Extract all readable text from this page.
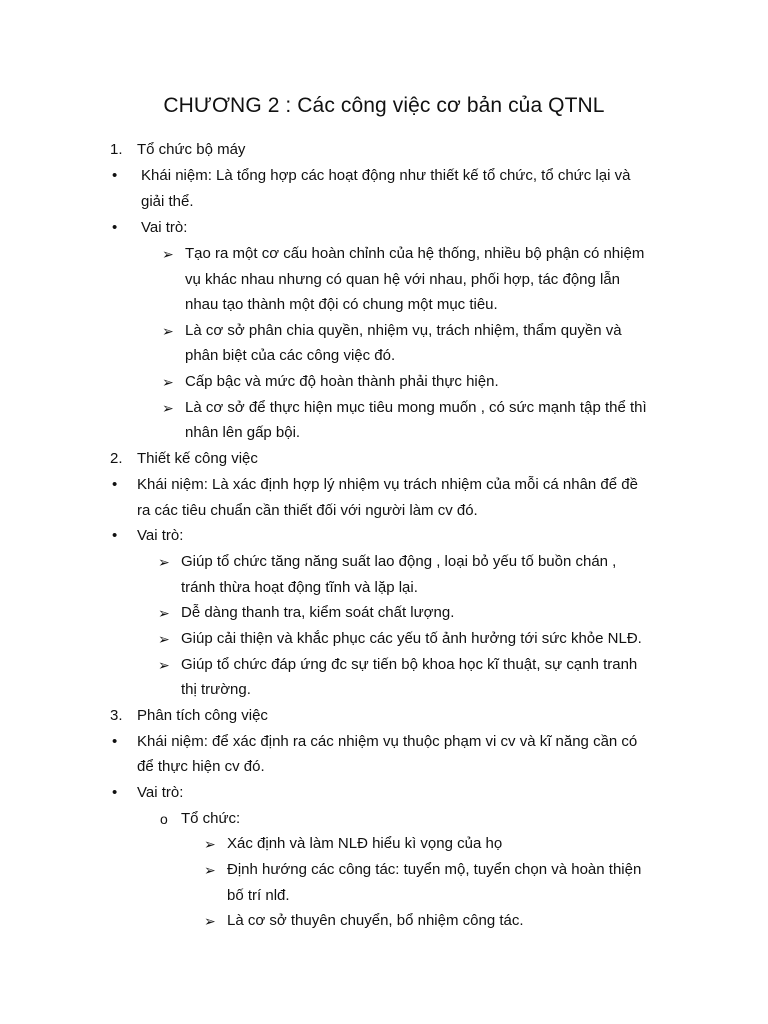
CHƯƠNG 2 : Các công việc cơ bản của QTNL
1. Tổ chức bộ máy
• Khái niệm: Là tổng hợp các hoạt động như thiết kế tổ chức, tổ chức lại và
giải thể.
• Vai trò:
➢ Tạo ra một cơ cấu hoàn chỉnh của hệ thống, nhiều bộ phận có nhiệm
vụ khác nhau nhưng có quan hệ với nhau, phối hợp, tác động lẫn
nhau tạo thành một đội có chung một mục tiêu.
➢ Là cơ sở phân chia quyền, nhiệm vụ, trách nhiệm, thẩm quyền và
phân biệt của các công việc đó.
➢ Cấp bậc và mức độ hoàn thành phải thực hiện.
➢ Là cơ sở để thực hiện mục tiêu mong muốn , có sức mạnh tập thể thì
nhân lên gấp bội.
2. Thiết kế công việc
• Khái niệm: Là xác định hợp lý nhiệm vụ trách nhiệm của mỗi cá nhân để đề
ra các tiêu chuẩn cần thiết đối với người làm cv đó.
• Vai trò:
➢ Giúp tổ chức tăng năng suất lao động , loại bỏ yếu tố buồn chán ,
tránh thừa hoạt động tĩnh và lặp lại.
➢ Dễ dàng thanh tra, kiểm soát chất lượng.
➢ Giúp cải thiện và khắc phục các yếu tố ảnh hưởng tới sức khỏe NLĐ.
➢ Giúp tổ chức đáp ứng đc sự tiến bộ khoa học kĩ thuật, sự cạnh tranh
thị trường.
3. Phân tích công việc
• Khái niệm: để xác định ra các nhiệm vụ thuộc phạm vi cv và kĩ năng cần có
để thực hiện cv đó.
• Vai trò:
o Tổ chức:
➢ Xác định và làm NLĐ hiểu kì vọng của họ
➢ Định hướng các công tác: tuyển mộ, tuyển chọn và hoàn thiện
bố trí nlđ.
➢ Là cơ sở thuyên chuyển, bổ nhiệm công tác.
